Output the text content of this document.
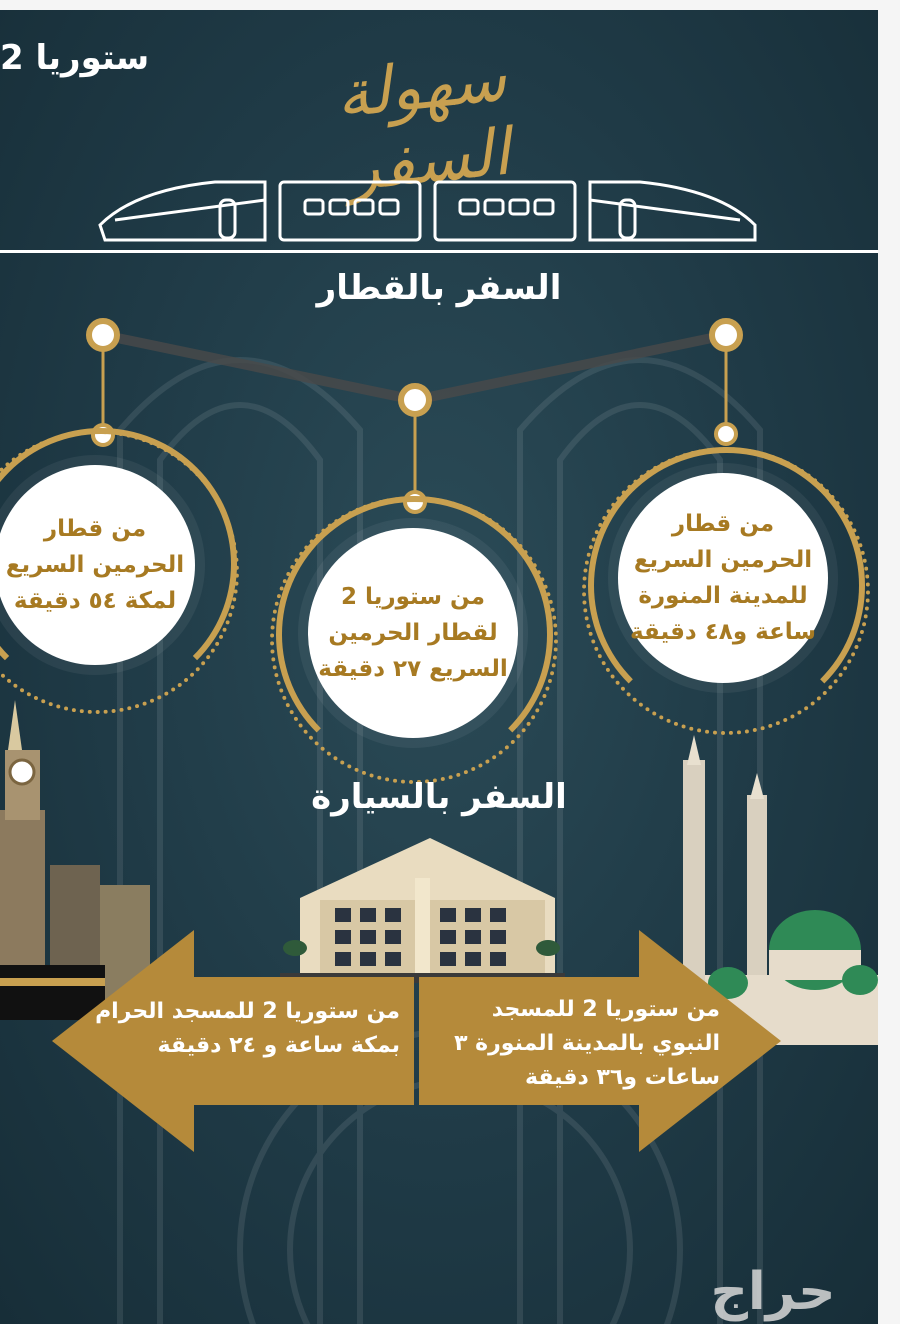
ستوريا 2	سهولة السفر
السفر بالقطار
من قطار الحرمين السريع لمكة ٥٤ دقيقة	من ستوريا 2 لقطار الحرمين السريع ٢٧ دقيقة
من قطار الحرمين السريع للمدينة المنورة ساعة و٤٨ دقيقة
السفر بالسيارة
من ستوريا 2 للمسجد الحرام بمكة ساعة و ٢٤ دقيقة
من ستوريا 2 للمسجد النبوي بالمدينة المنورة ٣ ساعات و٣٦ دقيقة
حراج
